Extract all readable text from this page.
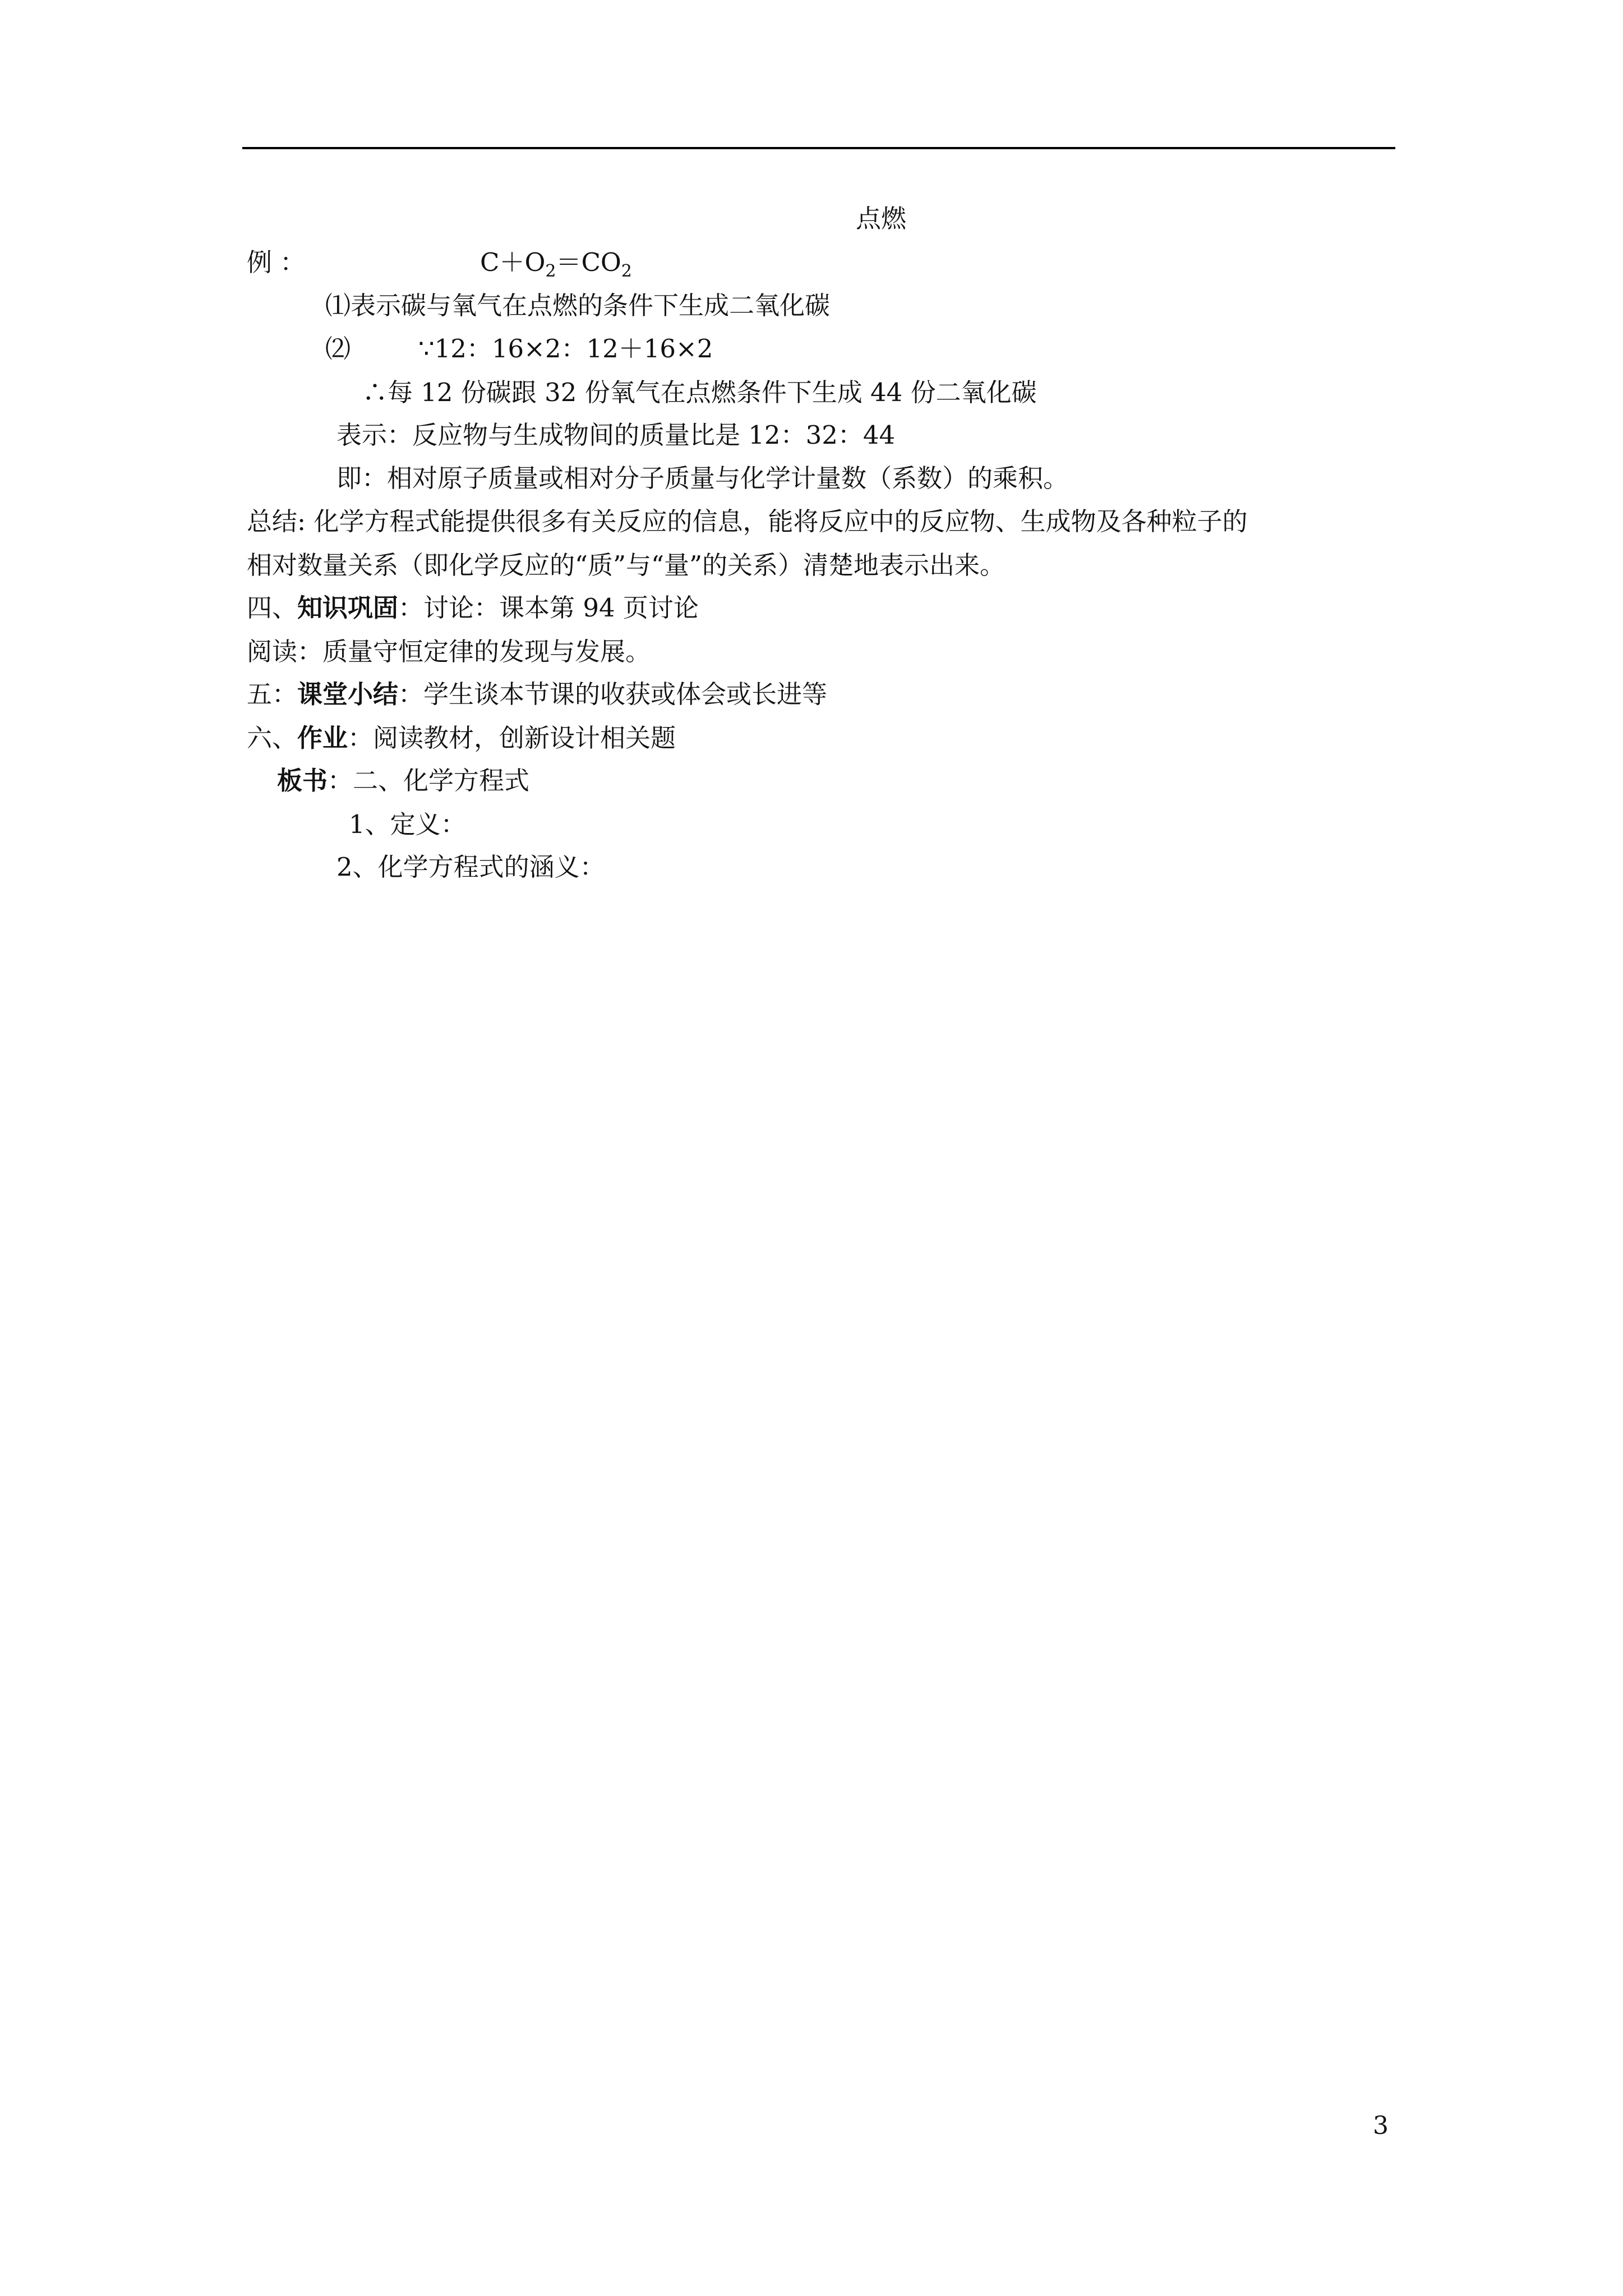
点燃
例 ：	$C+O_2=CO_2$
⑴表示碳与氧气在点燃的条件下生成二氧化碳
⑵	∵12：16×2：12＋16×2
∴每 12 份碳跟 32 份氧气在点燃条件下生成 44 份二氧化碳
表示：反应物与生成物间的质量比是 12：32：44
即：相对原子质量或相对分子质量与化学计量数（系数）的乘积。
总结: 化学方程式能提供很多有关反应的信息，能将反应中的反应物、生成物及各种粒子的
相对数量关系（即化学反应的“质”与“量”的关系）清楚地表示出来。
四、知识巩固：讨论：课本第 94 页讨论
阅读：质量守恒定律的发现与发展。
五：课堂小结：学生谈本节课的收获或体会或长进等
六、作业：阅读教材，创新设计相关题
板书：二、化学方程式
1、定义：
2、化学方程式的涵义：
3
